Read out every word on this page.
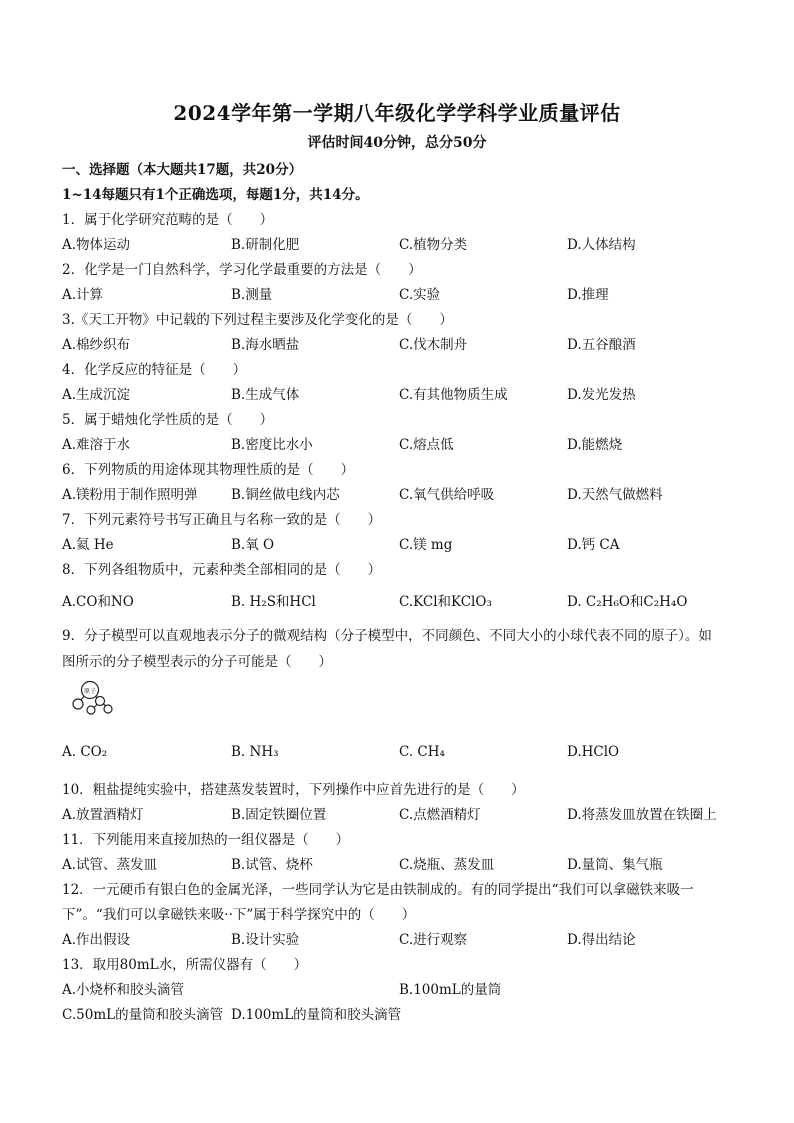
2024学年第一学期八年级化学学科学业质量评估
评估时间40分钟，总分50分
一、选择题（本大题共17题，共20分）
1~14每题只有1个正确选项，每题1分，共14分。
1．属于化学研究范畴的是（　　）
A.物体运动	B.研制化肥	C.植物分类	D.人体结构
2．化学是一门自然科学，学习化学最重要的方法是（　　）
A.计算	B.测量	C.实验	D.推理
3.《天工开物》中记载的下列过程主要涉及化学变化的是（　　）
A.棉纱织布	B.海水晒盐	C.伐木制舟	D.五谷酿酒
4．化学反应的特征是（　　）
A.生成沉淀	B.生成气体	C.有其他物质生成	D.发光发热
5．属于蜡烛化学性质的是（　　）
A.难溶于水	B.密度比水小	C.熔点低	D.能燃烧
6．下列物质的用途体现其物理性质的是（　　）
A.镁粉用于制作照明弹 B.铜丝做电线内芯	C.氧气供给呼吸	D.天然气做燃料
7．下列元素符号书写正确且与名称一致的是（　　）
A.氦 He	B.氧 O	C.镁 mg	D.钙 CA
8．下列各组物质中，元素种类全部相同的是（　　）
A.CO和NO	B. H₂S和HCl	C.KCl和KClO₃	D. C₂H₆O和C₂H₄O
9．分子模型可以直观地表示分子的微观结构（分子模型中，不同颜色、不同大小的小球代表不同的原子）。如
图所示的分子模型表示的分子可能是（　　）
原子
A. CO₂	B. NH₃	C. CH₄	D.HClO
10．粗盐提纯实验中，搭建蒸发装置时，下列操作中应首先进行的是（　　）
A.放置酒精灯	B.固定铁圈位置	C.点燃酒精灯	D.将蒸发皿放置在铁圈上
11．下列能用来直接加热的一组仪器是（　　）
A.试管、蒸发皿	B.试管、烧杯	C.烧瓶、蒸发皿	D.量筒、集气瓶
12．一元硬币有银白色的金属光泽，一些同学认为它是由铁制成的。有的同学提出“我们可以拿磁铁来吸一
下”。“我们可以拿磁铁来吸··下”属于科学探究中的（　　）
A.作出假设	B.设计实验	C.进行观察	D.得出结论
13．取用80mL水，所需仪器有（　　）
A.小烧杯和胶头滴管	B.100mL的量筒
C.50mL的量筒和胶头滴管 D.100mL的量筒和胶头滴管
